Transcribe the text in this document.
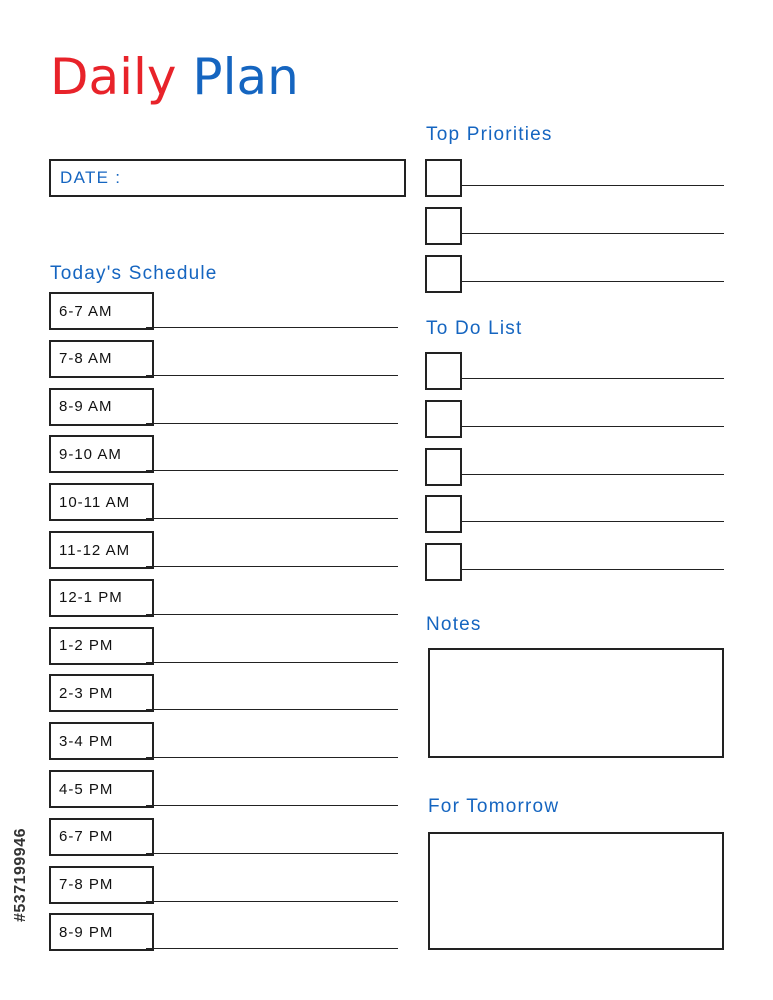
Daily Plan
DATE :
Today's Schedule
6-7 AM
7-8 AM
8-9 AM
9-10 AM
10-11 AM
11-12 AM
12-1 PM
1-2 PM
2-3 PM
3-4 PM
4-5 PM
6-7 PM
7-8 PM
8-9 PM
Top Priorities
To Do List
Notes
For Tomorrow
#537199946
